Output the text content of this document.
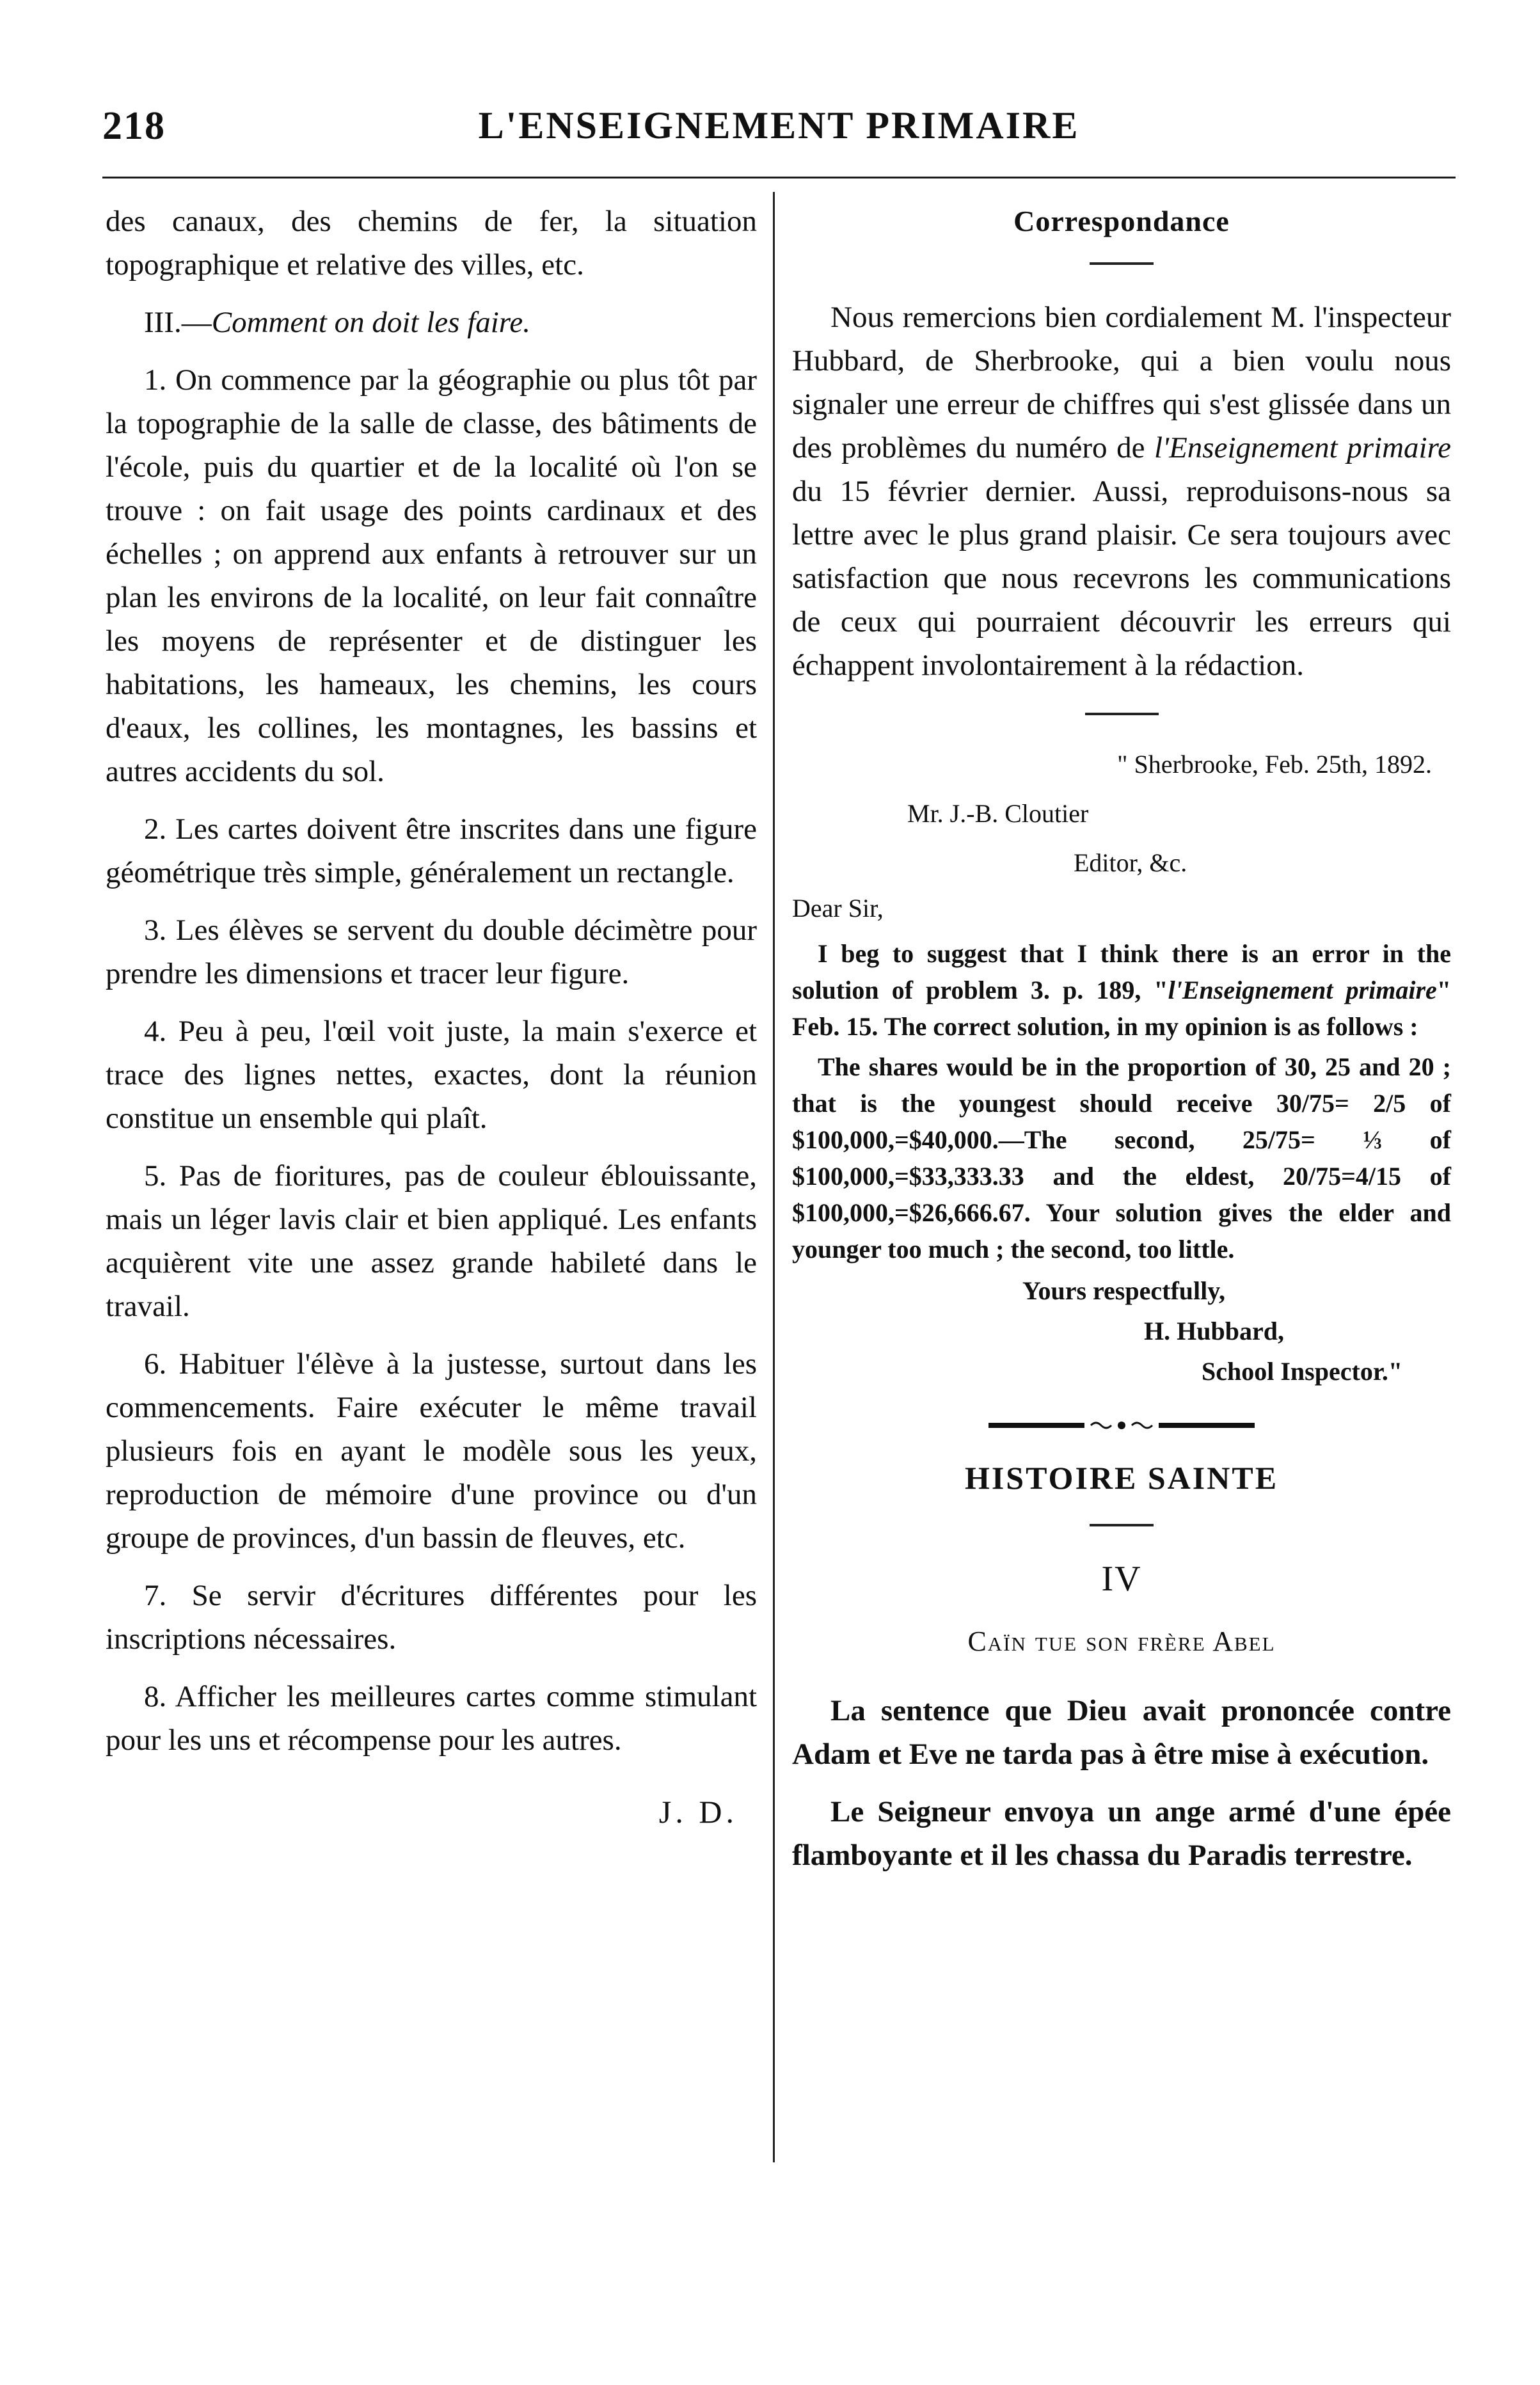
218	L'ENSEIGNEMENT PRIMAIRE

des canaux, des chemins de fer, la situation topographique et relative des villes, etc.

III.—Comment on doit les faire.

1. On commence par la géographie ou plus tôt par la topographie de la salle de classe, des bâtiments de l'école, puis du quartier et de la localité où l'on se trouve : on fait usage des points cardinaux et des échelles ; on apprend aux enfants à retrouver sur un plan les environs de la localité, on leur fait connaître les moyens de représenter et de distinguer les habitations, les hameaux, les chemins, les cours d'eaux, les collines, les montagnes, les bassins et autres accidents du sol.

2. Les cartes doivent être inscrites dans une figure géométrique très simple, généralement un rectangle.

3. Les élèves se servent du double décimètre pour prendre les dimensions et tracer leur figure.

4. Peu à peu, l'œil voit juste, la main s'exerce et trace des lignes nettes, exactes, dont la réunion constitue un ensemble qui plaît.

5. Pas de fioritures, pas de couleur éblouissante, mais un léger lavis clair et bien appliqué. Les enfants acquièrent vite une assez grande habileté dans le travail.

6. Habituer l'élève à la justesse, surtout dans les commencements. Faire exécuter le même travail plusieurs fois en ayant le modèle sous les yeux, reproduction de mémoire d'une province ou d'un groupe de provinces, d'un bassin de fleuves, etc.

7. Se servir d'écritures différentes pour les inscriptions nécessaires.

8. Afficher les meilleures cartes comme stimulant pour les uns et récompense pour les autres.

J. D.

Correspondance

Nous remercions bien cordialement M. l'inspecteur Hubbard, de Sherbrooke, qui a bien voulu nous signaler une erreur de chiffres qui s'est glissée dans un des problèmes du numéro de l'Enseignement primaire du 15 février dernier. Aussi, reproduisons-nous sa lettre avec le plus grand plaisir. Ce sera toujours avec satisfaction que nous recevrons les communications de ceux qui pourraient découvrir les erreurs qui échappent involontairement à la rédaction.

" Sherbrooke, Feb. 25th, 1892.

Mr. J.-B. Cloutier

Editor, &c.

Dear Sir,

I beg to suggest that I think there is an error in the solution of problem 3. p. 189, "l'Enseignement primaire" Feb. 15. The correct solution, in my opinion is as follows :

The shares would be in the proportion of 30, 25 and 20 ; that is the youngest should receive 30/75= 2/5 of $100,000,=$40,000.—The second, 25/75= ⅓ of $100,000,=$33,333.33 and the eldest, 20/75=4/15 of $100,000,=$26,666.67. Your solution gives the elder and younger too much ; the second, too little.

Yours respectfully,

H. Hubbard,

School Inspector."

HISTOIRE SAINTE

IV

Caïn tue son frère Abel

La sentence que Dieu avait prononcée contre Adam et Eve ne tarda pas à être mise à exécution.

Le Seigneur envoya un ange armé d'une épée flamboyante et il les chassa du Paradis terrestre.
